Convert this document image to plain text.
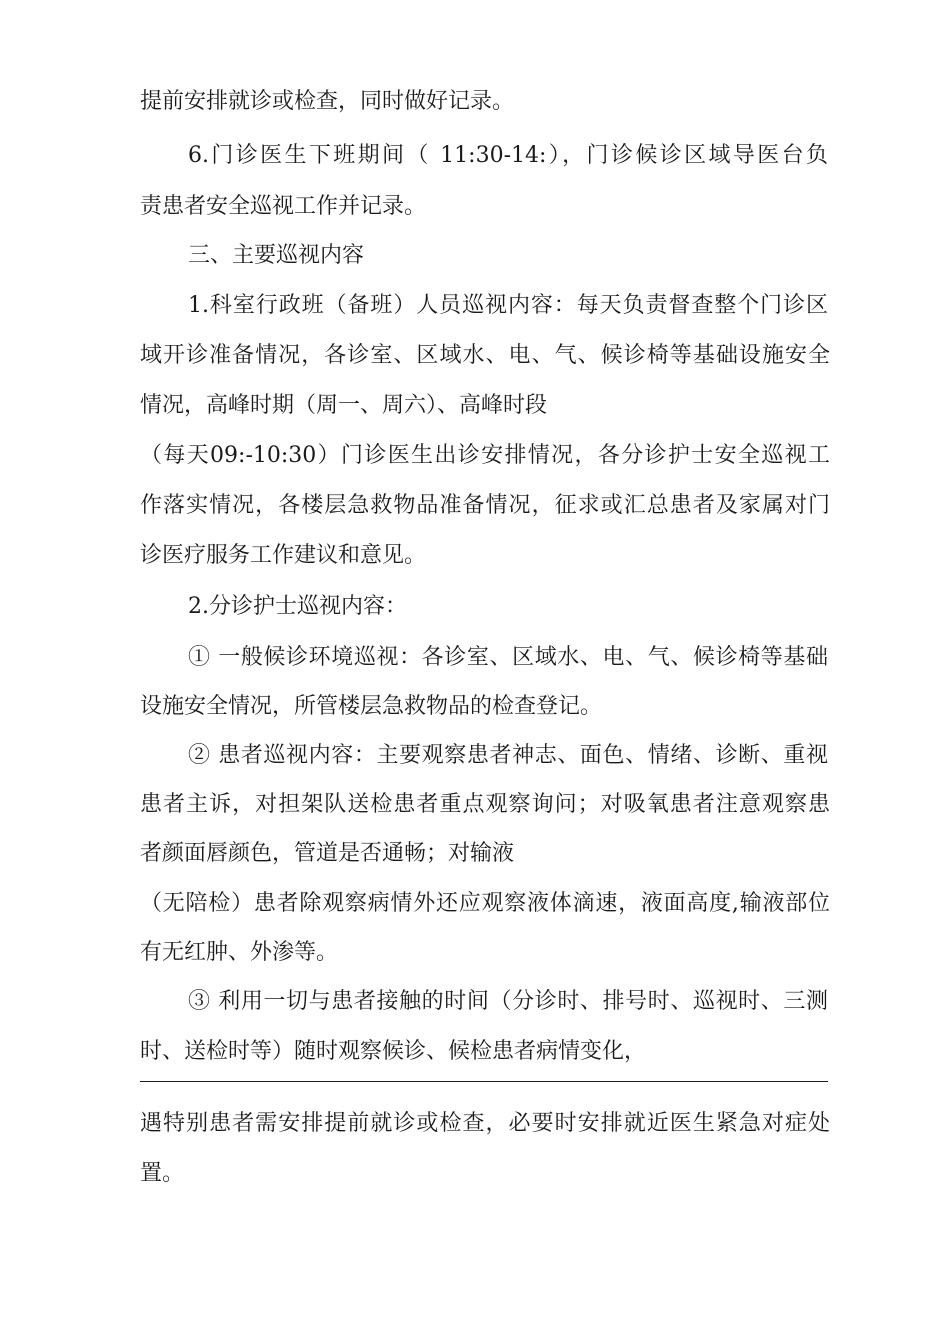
提前安排就诊或检查，同时做好记录。
6.门诊医生下班期间（ 11:30-14:），门诊候诊区域导医台负
责患者安全巡视工作并记录。
三、主要巡视内容
1.科室行政班（备班）人员巡视内容：每天负责督查整个门诊区
域开诊准备情况，各诊室、区域水、电、气、候诊椅等基础设施安全
情况，高峰时期（周一、周六）、高峰时段
（每天09:-10:30）门诊医生出诊安排情况，各分诊护士安全巡视工
作落实情况，各楼层急救物品准备情况，征求或汇总患者及家属对门
诊医疗服务工作建议和意见。
2.分诊护士巡视内容：
① 一般候诊环境巡视：各诊室、区域水、电、气、候诊椅等基础
设施安全情况，所管楼层急救物品的检查登记。
② 患者巡视内容：主要观察患者神志、面色、情绪、诊断、重视
患者主诉，对担架队送检患者重点观察询问；对吸氧患者注意观察患
者颜面唇颜色，管道是否通畅；对输液
（无陪检）患者除观察病情外还应观察液体滴速，液面高度,输液部位
有无红肿、外渗等。
③ 利用一切与患者接触的时间（分诊时、排号时、巡视时、三测
时、送检时等）随时观察候诊、候检患者病情变化，
遇特别患者需安排提前就诊或检查，必要时安排就近医生紧急对症处
置。
